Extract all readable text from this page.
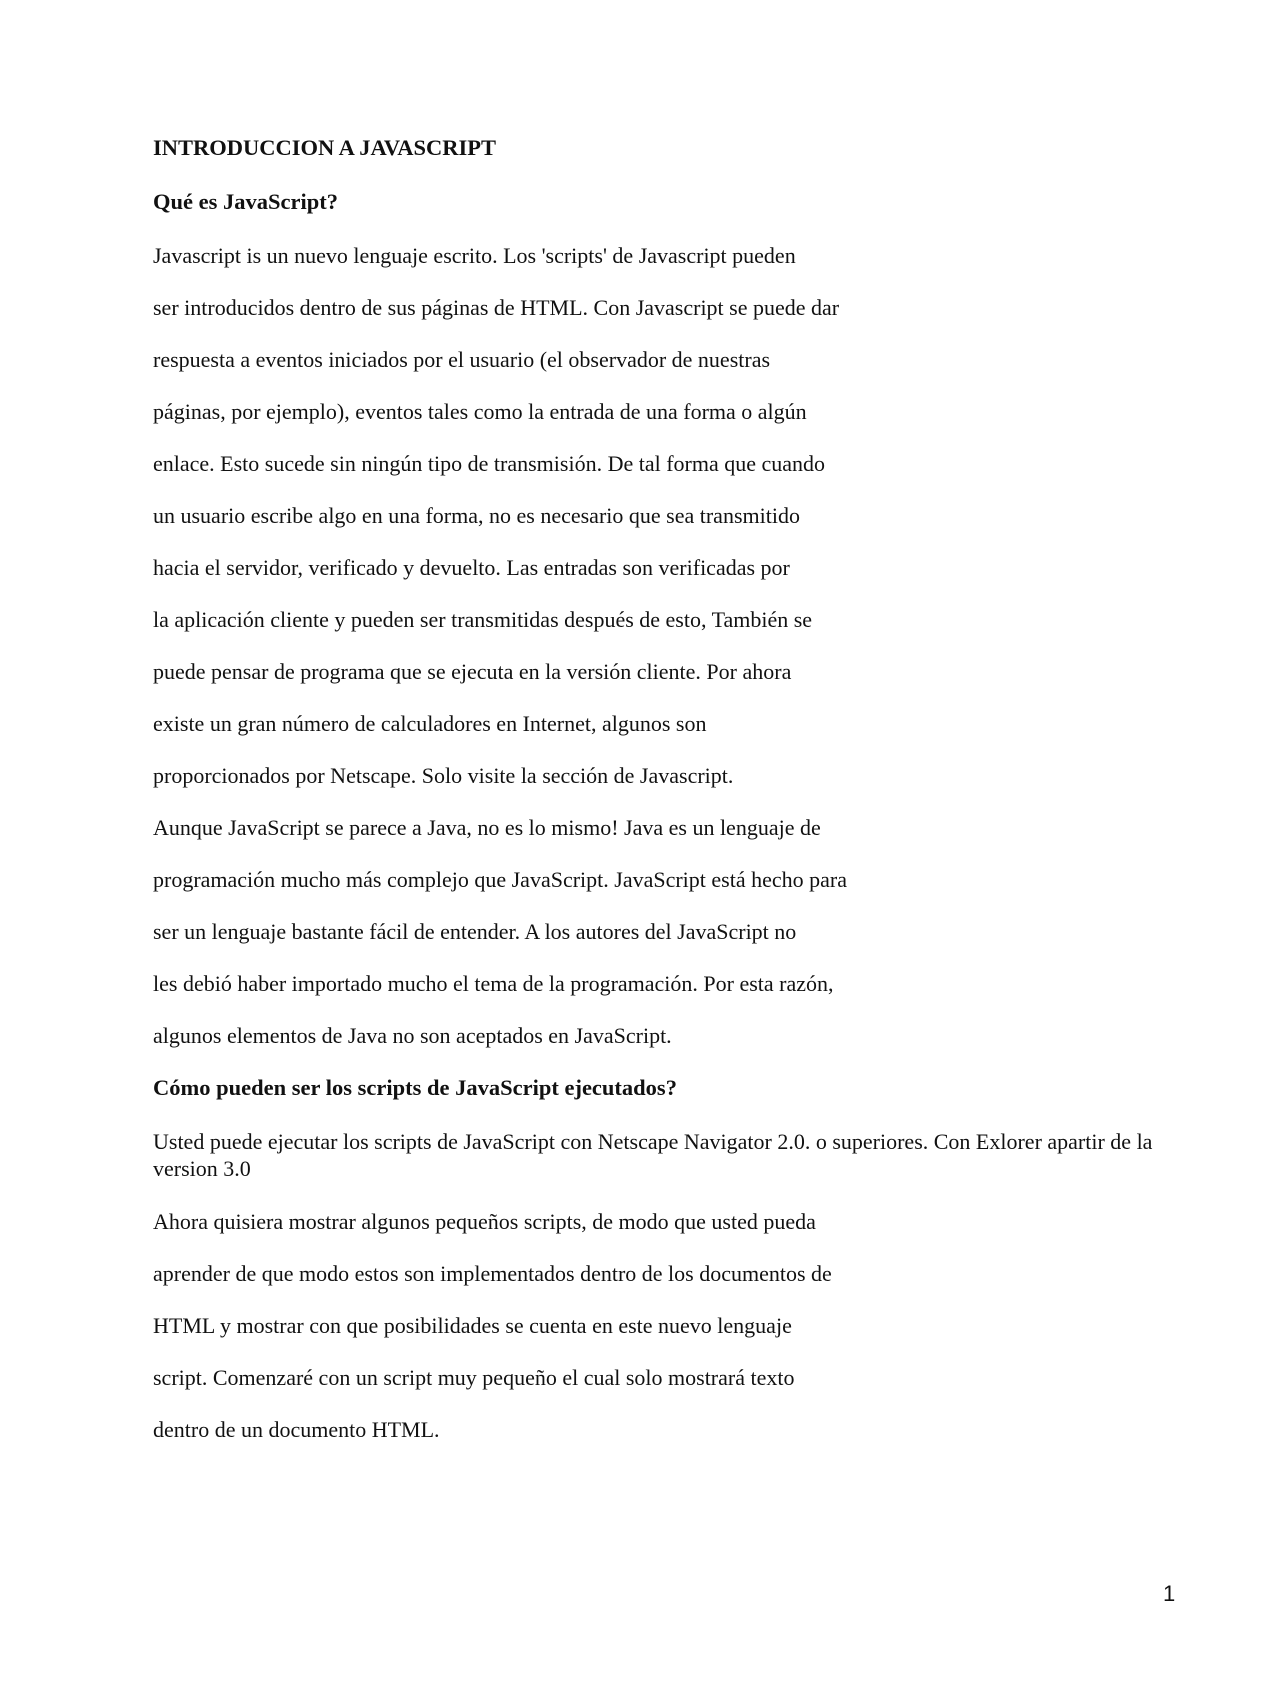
INTRODUCCION A JAVASCRIPT
Qué es JavaScript?

Javascript is un nuevo lenguaje escrito. Los 'scripts' de Javascript pueden

ser introducidos dentro de sus páginas de HTML. Con Javascript se puede dar

respuesta a eventos iniciados por el usuario (el observador de nuestras

páginas, por ejemplo), eventos tales como la entrada de una forma o algún

enlace. Esto sucede sin ningún tipo de transmisión. De tal forma que cuando

un usuario escribe algo en una forma, no es necesario que sea transmitido

hacia el servidor, verificado y devuelto. Las entradas son verificadas por

la aplicación cliente y pueden ser transmitidas después de esto, También se

puede pensar de programa que se ejecuta en la versión cliente. Por ahora

existe un gran número de calculadores en Internet, algunos son

proporcionados por Netscape. Solo visite la sección de Javascript.

Aunque JavaScript se parece a Java, no es lo mismo! Java es un lenguaje de

programación mucho más complejo que JavaScript. JavaScript está hecho para

ser un lenguaje bastante fácil de entender. A los autores del JavaScript no

les debió haber importado mucho el tema de la programación. Por esta razón,

algunos elementos de Java no son aceptados en JavaScript.

Cómo pueden ser los scripts de JavaScript ejecutados?

Usted puede ejecutar los scripts de JavaScript con Netscape Navigator 2.0. o superiores. Con Exlorer apartir de la version 3.0

Ahora quisiera mostrar algunos pequeños scripts, de modo que usted pueda

aprender de que modo estos son implementados dentro de los documentos de

HTML y mostrar con que posibilidades se cuenta en este nuevo lenguaje

script. Comenzaré con un script muy pequeño el cual solo mostrará texto

dentro de un documento HTML.

1
